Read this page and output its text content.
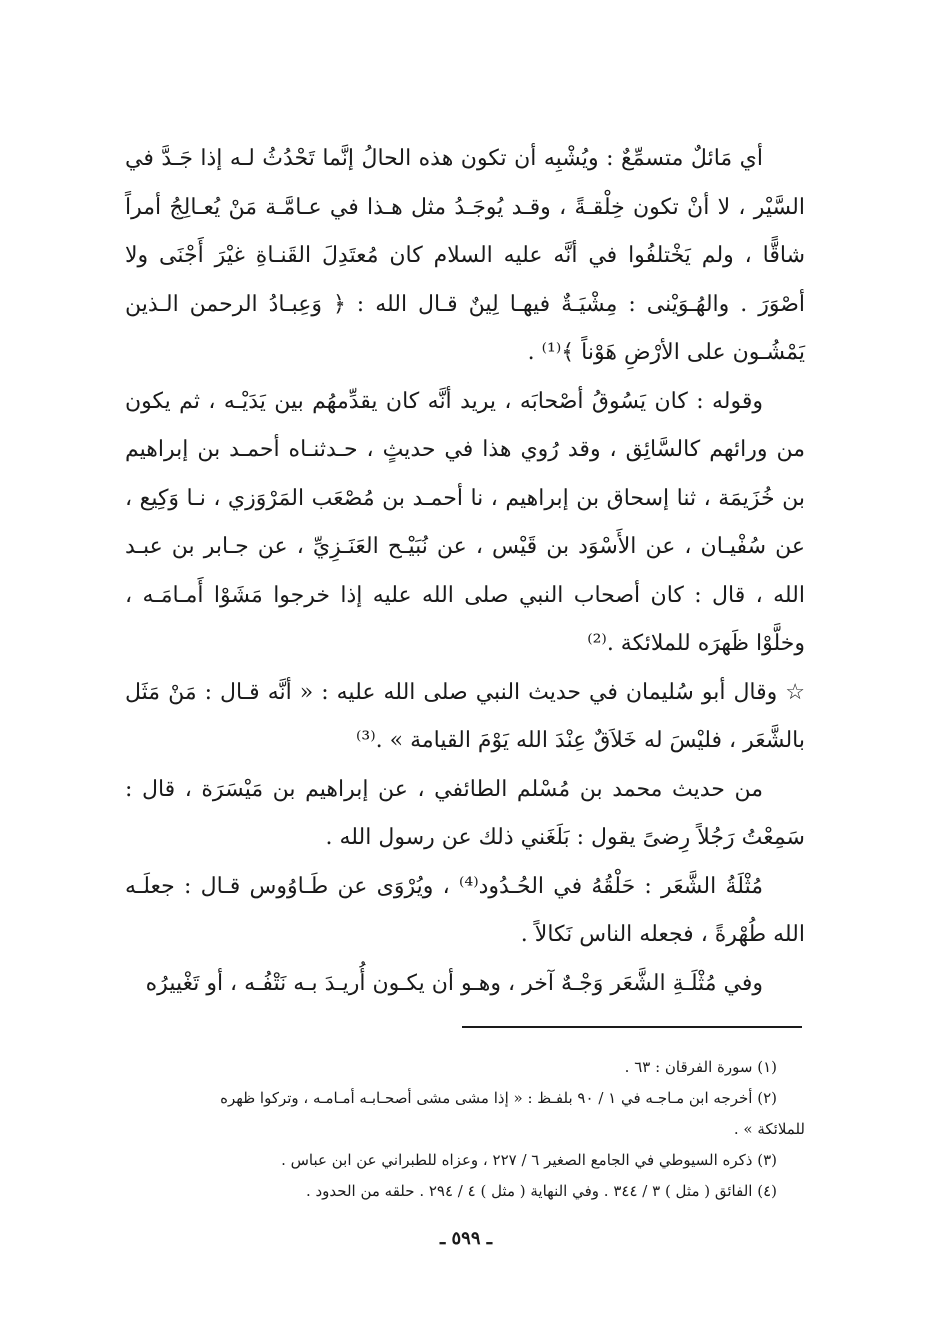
أي مَائلٌ متسمِّعٌ : ويُشْبِه أن تكون هذه الحالُ إنَّما تَحْدُثُ لـه إذا جَـدَّ في السَّيْر ، لا أنْ تكون خِلْقـةً ، وقـد يُوجَـدُ مثل هـذا في عـامَّـة مَنْ يُعـالِجُ أمراً شاقًّا ، ولم يَخْتلفُوا في أنَّه عليه السلام كان مُعتَدِلَ القَنـاةِ غيْرَ أَجْنَى ولا أصْوَرَ . والهُـوَيْنى : مِشْيَـةٌ فيهـا لِينٌ قـال الله : ﴿ وَعِبـادُ الرحمن الـذين يَمْشُـون على الأرْضِ هَوْناً ﴾⁽¹⁾ .

وقوله : كان يَسُوقُ أصْحابَه ، يريد أنَّه كان يقدِّمهُم بين يَدَيْـه ، ثم يكون من ورائهم كالسَّائِق ، وقد رُوي هذا في حديثٍ ، حـدثنـاه أحمـد بن إبراهيم بن خُزَيمَة ، ثنا إسحاق بن إبراهيم ، نا أحمـد بن مُصْعَب المَرْوَزي ، نـا وَكِيع ، عن سُفْيـان ، عن الأَسْوَد بن قَيْس ، عن نُبَيْـح العَنَـزِيِّ ، عن جـابر بن عبـد الله ، قال : كان أصحاب النبي صلى الله عليه إذا خرجوا مَشَوْا أَمـامَـه ، وخلَّوْا ظَهرَه للملائكة .⁽²⁾

☆ وقال أبو سُليمان في حديث النبي صلى الله عليه : « أنَّه قـال : مَنْ مَثَل بالشَّعَر ، فليْسَ له خَلاَقٌ عِنْدَ الله يَوْمَ القيامة » .⁽³⁾

من حديث محمد بن مُسْلم الطائفي ، عن إبراهيم بن مَيْسَرَة ، قال : سَمِعْتُ رَجُلاً رِضىً يقول : بَلَغَني ذلك عن رسول الله .

مُثْلَةُ الشَّعَر : حَلْقُهُ في الحُـدُود⁽⁴⁾ ، ويُرْوَى عن طَـاوُوس قـال : جعلَـه الله طُهْرةً ، فجعله الناس نَكالاً .

وفي مُثْلَـةِ الشَّعَر وَجْـهٌ آخر ، وهـو أن يكـون أُريـدَ بـه نَتْفُـه ، أو تَغْييرُه

(١) سورة الفرقان : ٦٣ .

(٢) أخرجه ابن مـاجـه في ١ / ٩٠ بلفـظ : « إذا مشى مشى أصحـابـه أمـامـه ، وتركوا ظهره

للملائكة » .

(٣) ذكره السيوطي في الجامع الصغير ٦ / ٢٢٧ ، وعزاه للطبراني عن ابن عباس .

(٤) الفائق ( مثل ) ٣ / ٣٤٤ . وفي النهاية ( مثل ) ٤ / ٢٩٤ . حلقه من الحدود .

ـ ٥٩٩ ـ
